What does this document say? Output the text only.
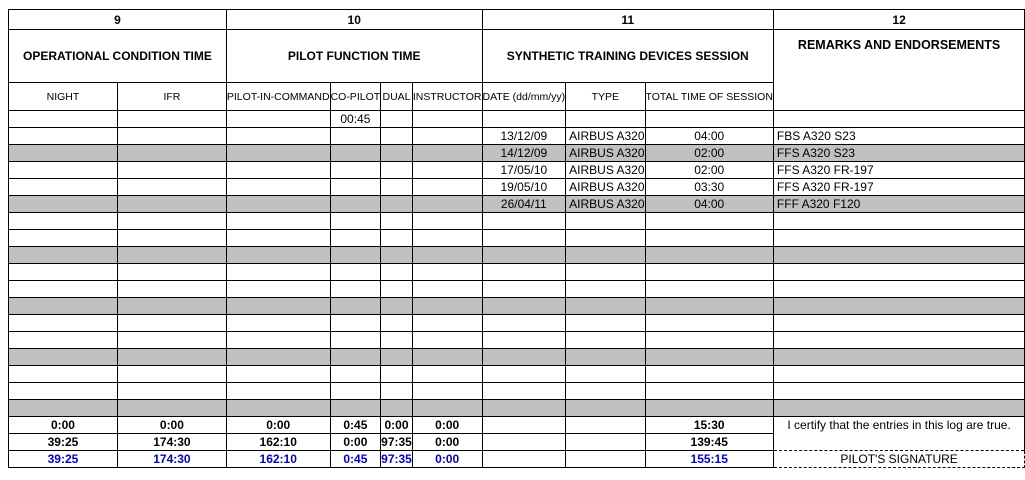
9		10				11			12
OPERATIONAL CONDITION TIME		PILOT FUNCTION TIME				SYNTHETIC TRAINING DEVICES SESSION			REMARKS AND ENDORSEMENTS
NIGHT	IFR	PILOT-IN-COMMAND	CO-PILOT	DUAL	INSTRUCTOR	DATE (dd/mm/yy)	TYPE	TOTAL TIME OF SESSION	
			00:45						
						13/12/09	AIRBUS A320	04:00	FBS A320 S23
						14/12/09	AIRBUS A320	02:00	FFS A320 S23
						17/05/10	AIRBUS A320	02:00	FFS A320 FR-197
						19/05/10	AIRBUS A320	03:30	FFS A320 FR-197
						26/04/11	AIRBUS A320	04:00	FFF A320 F120

0:00	0:00	0:00	0:45	0:00	0:00			15:30	I certify that the entries in this log are true.
39:25	174:30	162:10	0:00	97:35	0:00			139:45	
39:25	174:30	162:10	0:45	97:35	0:00			155:15	PILOT'S SIGNATURE
